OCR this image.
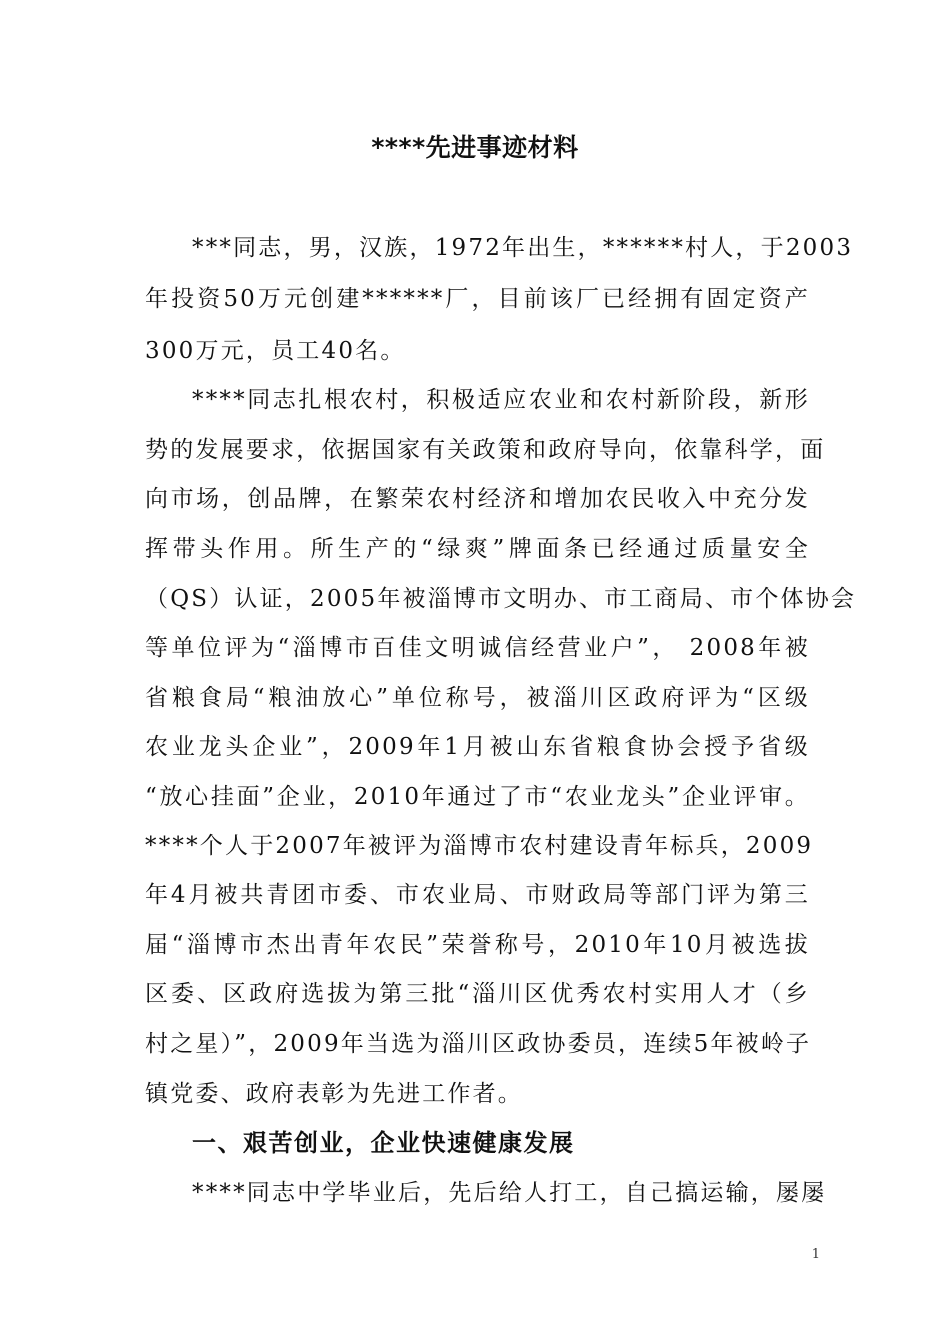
****先进事迹材料
***同志，男，汉族，1972年出生，******村人，于2003
年投资50万元创建******厂，目前该厂已经拥有固定资产
300万元，员工40名。
****同志扎根农村，积极适应农业和农村新阶段，新形
势的发展要求，依据国家有关政策和政府导向，依靠科学，面
向市场，创品牌，在繁荣农村经济和增加农民收入中充分发
挥带头作用。所生产的“绿爽”牌面条已经通过质量安全
（QS）认证，2005年被淄博市文明办、市工商局、市个体协会
等单位评为“淄博市百佳文明诚信经营业户”， 2008年被
省粮食局“粮油放心”单位称号，被淄川区政府评为“区级
农业龙头企业”，2009年1月被山东省粮食协会授予省级
“放心挂面”企业，2010年通过了市“农业龙头”企业评审。
****个人于2007年被评为淄博市农村建设青年标兵，2009
年4月被共青团市委、市农业局、市财政局等部门评为第三
届“淄博市杰出青年农民”荣誉称号，2010年10月被选拔
区委、区政府选拔为第三批“淄川区优秀农村实用人才（乡
村之星）”，2009年当选为淄川区政协委员，连续5年被岭子
镇党委、政府表彰为先进工作者。
一、艰苦创业，企业快速健康发展
****同志中学毕业后，先后给人打工，自己搞运输，屡屡
1
